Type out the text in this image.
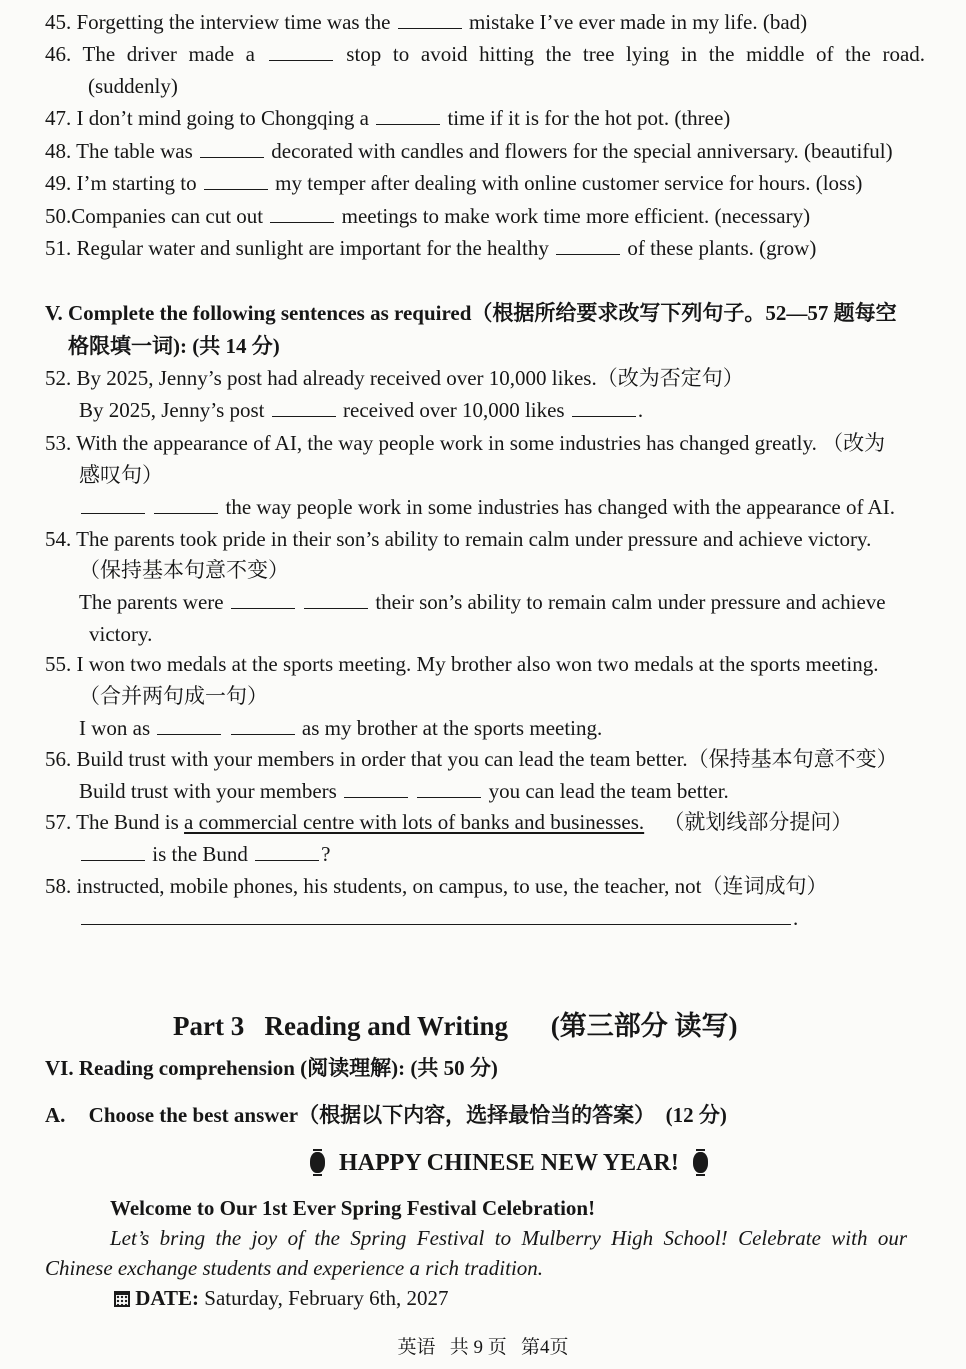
45. Forgetting the interview time was the	mistake I’ve ever made in my life. (bad)
46. The driver made a	stop to avoid hitting the tree lying in the middle of the road.
(suddenly)
47. I don’t mind going to Chongqing a	time if it is for the hot pot. (three)
48. The table was	decorated with candles and flowers for the special anniversary. (beautiful)
49. I’m starting to	my temper after dealing with online customer service for hours. (loss)
50.Companies can cut out	meetings to make work time more efficient. (necessary)
51. Regular water and sunlight are important for the healthy	of these plants. (grow)
V. Complete the following sentences as required（根据所给要求改写下列句子。52—57 题每空
格限填一词): (共 14 分)
52. By 2025, Jenny’s post had already received over 10,000 likes.（改为否定句）
By 2025, Jenny’s post	received over 10,000 likes	.
53. With the appearance of AI, the way people work in some industries has changed greatly. （改为
感叹句）
the way people work in some industries has changed with the appearance of AI.
54. The parents took pride in their son’s ability to remain calm under pressure and achieve victory.
（保持基本句意不变）
The parents were	their son’s ability to remain calm under pressure and achieve
victory.
55. I won two medals at the sports meeting. My brother also won two medals at the sports meeting.
（合并两句成一句）
I won as	as my brother at the sports meeting.
56. Build trust with your members in order that you can lead the team better.（保持基本句意不变）
Build trust with your members	you can lead the team better.
57. The Bund is a commercial centre with lots of banks and businesses. （就划线部分提问）
is the Bund	?
58. instructed, mobile phones, his students, on campus, to use, the teacher, not（连词成句）
.
Part 3   Reading and Writing (第三部分 读写)
VI. Reading comprehension (阅读理解): (共 50 分)
A. Choose the best answer（根据以下内容，选择最恰当的答案）  (12 分)
HAPPY CHINESE NEW YEAR!
Welcome to Our 1st Ever Spring Festival Celebration!
Let’s bring the joy of the Spring Festival to Mulberry High School! Celebrate with our
Chinese exchange students and experience a rich tradition.
DATE: Saturday, February 6th, 2027
英语   共 9 页   第4页
